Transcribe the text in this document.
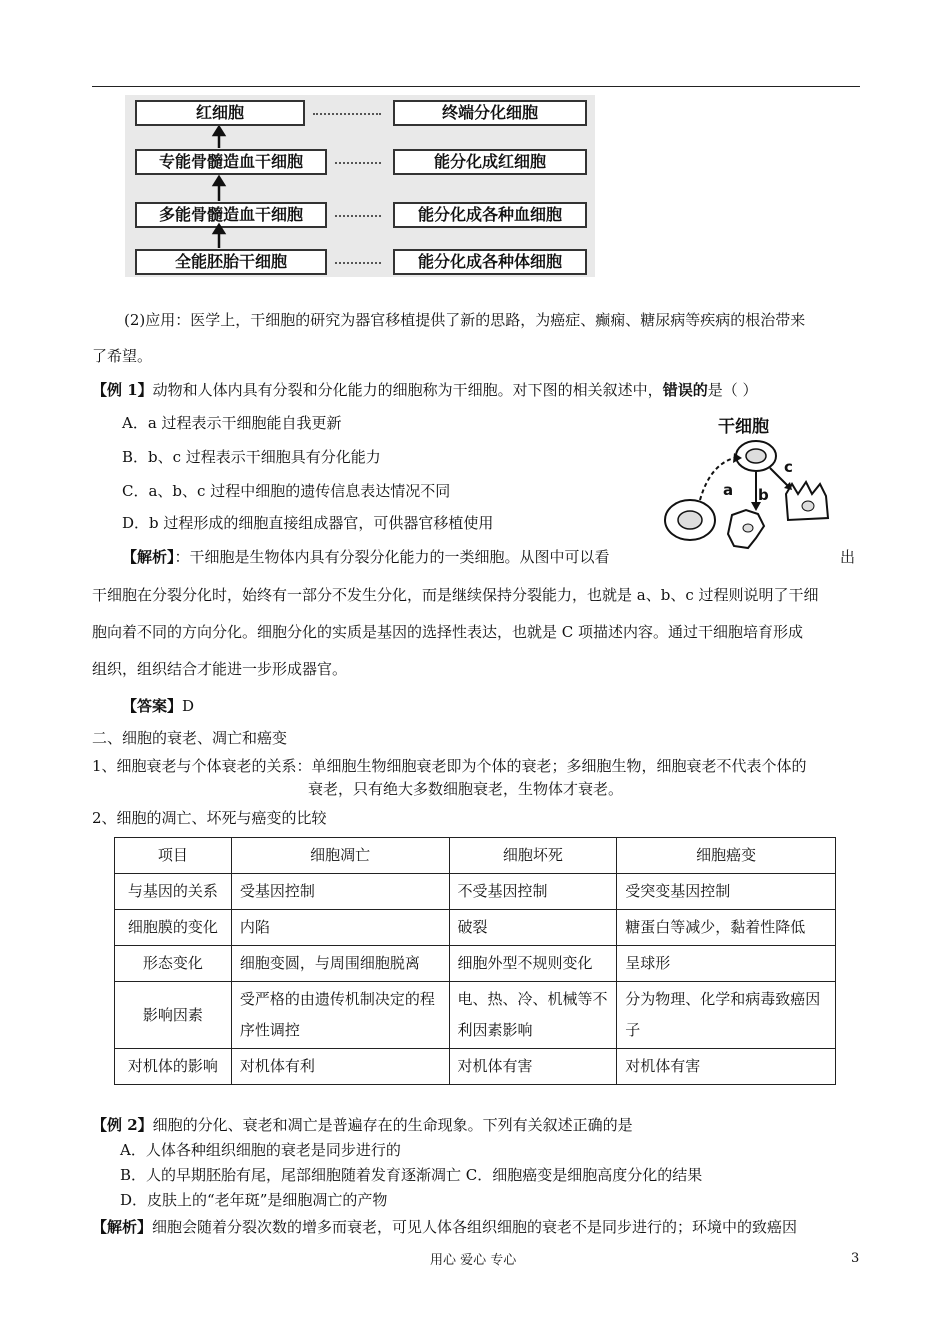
红细胞
专能骨髓造血干细胞
多能骨髓造血干细胞
全能胚胎干细胞
终端分化细胞
能分化成红细胞
能分化成各种血细胞
能分化成各种体细胞
(2)应用：医学上，干细胞的研究为器官移植提供了新的思路，为癌症、癫痫、糖尿病等疾病的根治带来
了希望。
【例 1】动物和人体内具有分裂和分化能力的细胞称为干细胞。对下图的相关叙述中，错误的是（ ）
A．a 过程表示干细胞能自我更新
B．b、c 过程表示干细胞具有分化能力
C．a、b、c 过程中细胞的遗传信息表达情况不同
D．b 过程形成的细胞直接组成器官，可供器官移植使用
干细胞
a b
c
【解析】：干细胞是生物体内具有分裂分化能力的一类细胞。从图中可以看	出
干细胞在分裂分化时，始终有一部分不发生分化，而是继续保持分裂能力，也就是 a、b、c 过程则说明了干细
胞向着不同的方向分化。细胞分化的实质是基因的选择性表达，也就是 C 项描述内容。通过干细胞培育形成
组织，组织结合才能进一步形成器官。
【答案】D
二、细胞的衰老、凋亡和癌变
1、细胞衰老与个体衰老的关系：单细胞生物细胞衰老即为个体的衰老；多细胞生物，细胞衰老不代表个体的
衰老，只有绝大多数细胞衰老，生物体才衰老。
2、细胞的凋亡、坏死与癌变的比较
项目	细胞凋亡	细胞坏死	细胞癌变
与基因的关系	受基因控制	不受基因控制	受突变基因控制
细胞膜的变化	内陷	破裂	糖蛋白等减少，黏着性降低
形态变化	细胞变圆，与周围细胞脱离	细胞外型不规则变化	呈球形
影响因素	受严格的由遗传机制决定的程序性调控	电、热、冷、机械等不利因素影响	分为物理、化学和病毒致癌因子
对机体的影响	对机体有利	对机体有害	对机体有害
【例 2】细胞的分化、衰老和凋亡是普遍存在的生命现象。下列有关叙述正确的是
A．人体各种组织细胞的衰老是同步进行的
B．人的早期胚胎有尾，尾部细胞随着发育逐渐凋亡 C．细胞癌变是细胞高度分化的结果
D．皮肤上的“老年斑”是细胞凋亡的产物
【解析】细胞会随着分裂次数的增多而衰老，可见人体各组织细胞的衰老不是同步进行的；环境中的致癌因
用心 爱心 专心	3
